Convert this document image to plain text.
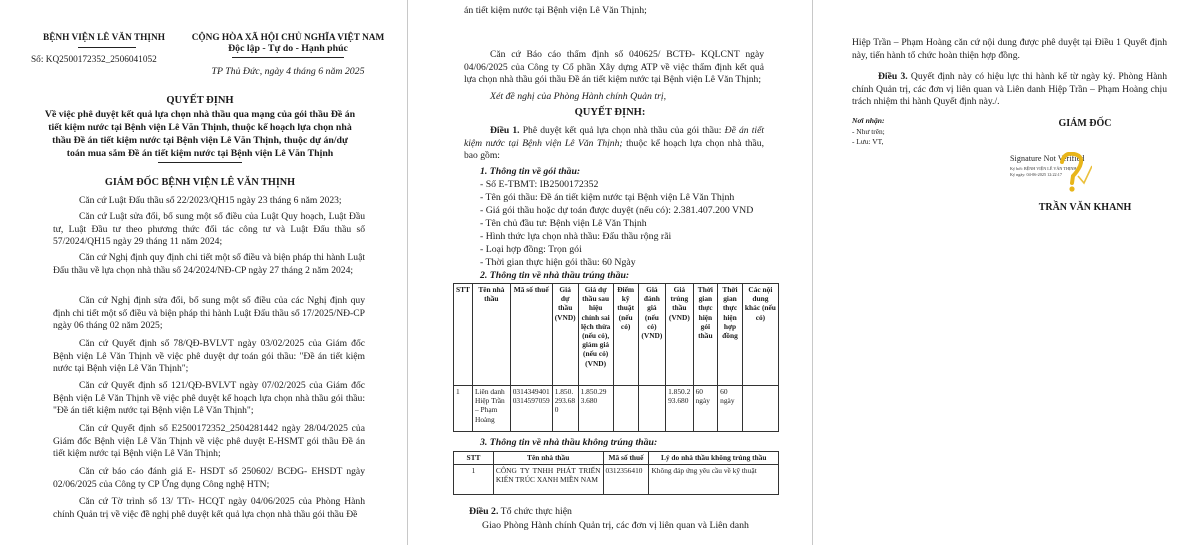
BỆNH VIỆN LÊ VĂN THỊNH
Số: KQ2500172352_2506041052
CỘNG HÒA XÃ HỘI CHỦ NGHĨA VIỆT NAM
Độc lập - Tự do - Hạnh phúc
TP Thủ Đức, ngày 4 tháng 6 năm 2025
QUYẾT ĐỊNH
Về việc phê duyệt kết quả lựa chọn nhà thầu qua mạng của gói thầu Đề án
tiết kiệm nước tại Bệnh viện Lê Văn Thịnh, thuộc kế hoạch lựa chọn nhà
thầu Đề án tiết kiệm nước tại Bệnh viện Lê Văn Thịnh, thuộc dự án/dự
toán mua sắm Đề án tiết kiệm nước tại Bệnh viện Lê Văn Thịnh
GIÁM ĐỐC BỆNH VIỆN LÊ VĂN THỊNH
Căn cứ Luật Đấu thầu số 22/2023/QH15 ngày 23 tháng 6 năm 2023;
Căn cứ Luật sửa đổi, bổ sung một số điều của Luật Quy hoạch, Luật Đầu tư, Luật Đầu tư theo phương thức đối tác công tư và Luật Đấu thầu số 57/2024/QH15 ngày 29 tháng 11 năm 2024;
Căn cứ Nghị định quy định chi tiết một số điều và biện pháp thi hành Luật Đấu thầu về lựa chọn nhà thầu số 24/2024/NĐ-CP ngày 27 tháng 2 năm 2024;
Căn cứ Nghị định sửa đổi, bổ sung một số điều của các Nghị định quy định chi tiết một số điều và biện pháp thi hành Luật Đấu thầu số 17/2025/NĐ-CP ngày 06 tháng 02 năm 2025;
Căn cứ Quyết định số 78/QĐ-BVLVT ngày 03/02/2025 của Giám đốc Bệnh viện Lê Văn Thịnh về việc phê duyệt dự toán gói thầu: "Đề án tiết kiệm nước tại Bệnh viện Lê Văn Thịnh";
Căn cứ Quyết định số 121/QĐ-BVLVT ngày 07/02/2025 của Giám đốc Bệnh viện Lê Văn Thịnh về việc phê duyệt kế hoạch lựa chọn nhà thầu gói thầu: "Đề án tiết kiệm nước tại Bệnh viện Lê Văn Thịnh";
Căn cứ Quyết định số E2500172352_2504281442 ngày 28/04/2025 của Giám đốc Bệnh viện Lê Văn Thịnh về việc phê duyệt E-HSMT gói thầu Đề án tiết kiệm nước tại Bệnh viện Lê Văn Thịnh;
Căn cứ báo cáo đánh giá E- HSDT số 250602/ BCĐG- EHSDT ngày 02/06/2025 của Công ty CP Ứng dụng Công nghệ HTN;
Căn cứ Tờ trình số 13/ TTr- HCQT ngày 04/06/2025 của Phòng Hành chính Quản trị về việc đề nghị phê duyệt kết quả lựa chọn nhà thầu gói thầu Đề
án tiết kiệm nước tại Bệnh viện Lê Văn Thịnh;
Căn cứ Báo cáo thẩm định số 040625/ BCTĐ- KQLCNT ngày 04/06/2025 của Công ty Cổ phần Xây dựng ATP về việc thẩm định kết quả lựa chọn nhà thầu gói thầu Đề án tiết kiệm nước tại Bệnh viện Lê Văn Thịnh;
Xét đề nghị của Phòng Hành chính Quản trị,
QUYẾT ĐỊNH:
Điều 1. Phê duyệt kết quả lựa chọn nhà thầu của gói thầu: Đề án tiết kiệm nước tại Bệnh viện Lê Văn Thịnh; thuộc kế hoạch lựa chọn nhà thầu, bao gồm:
1. Thông tin về gói thầu:
- Số E-TBMT: IB2500172352
- Tên gói thầu: Đề án tiết kiệm nước tại Bệnh viện Lê Văn Thịnh
- Giá gói thầu hoặc dự toán được duyệt (nếu có): 2.381.407.200 VND
- Tên chủ đầu tư: Bệnh viện Lê Văn Thịnh
- Hình thức lựa chọn nhà thầu: Đấu thầu rộng rãi
- Loại hợp đồng: Trọn gói
- Thời gian thực hiện gói thầu: 60 Ngày
2. Thông tin về nhà thầu trúng thầu:
STT	Tên nhà thầu	Mã số thuế	Giá dự thầu (VND)	Giá dự thầu sau hiệu chỉnh sai lệch thừa (nếu có), giảm giá (nếu có) (VND)	Điểm kỹ thuật (nếu có)	Giá đánh giá (nếu có) (VND)	Giá trúng thầu (VND)	Thời gian thực hiện gói thầu	Thời gian thực hiện hợp đồng	Các nội dung khác (nếu có)
1	Liên danh Hiệp Trần – Phạm Hoàng	0314349401
0314597059	1.850.293.680	1.850.293.680			1.850.293.680	60 ngày	60 ngày	
3. Thông tin về nhà thầu không trúng thầu:
STT	Tên nhà thầu	Mã số thuế	Lý do nhà thầu không trúng thầu
1	CÔNG TY TNHH PHÁT TRIỂN KIẾN TRÚC XANH MIỀN NAM	0312356410	Không đáp ứng yêu cầu về kỹ thuật
Điều 2. Tổ chức thực hiện
Giao Phòng Hành chính Quản trị, các đơn vị liên quan và Liên danh
Hiệp Trần – Phạm Hoàng căn cứ nội dung được phê duyệt tại Điều 1 Quyết định này, tiến hành tổ chức hoàn thiện hợp đồng.
Điều 3. Quyết định này có hiệu lực thi hành kể từ ngày ký. Phòng Hành chính Quản trị, các đơn vị liên quan và Liên danh Hiệp Trần – Phạm Hoàng chịu trách nhiệm thi hành Quyết định này./.
Nơi nhận:
- Như trên;
- Lưu: VT,
GIÁM ĐỐC
Signature Not Verified
Ký bởi: BỆNH VIỆN LÊ VĂN THỊNH
Ký ngày: 04-06-2025 12:22:17
TRẦN VĂN KHANH
